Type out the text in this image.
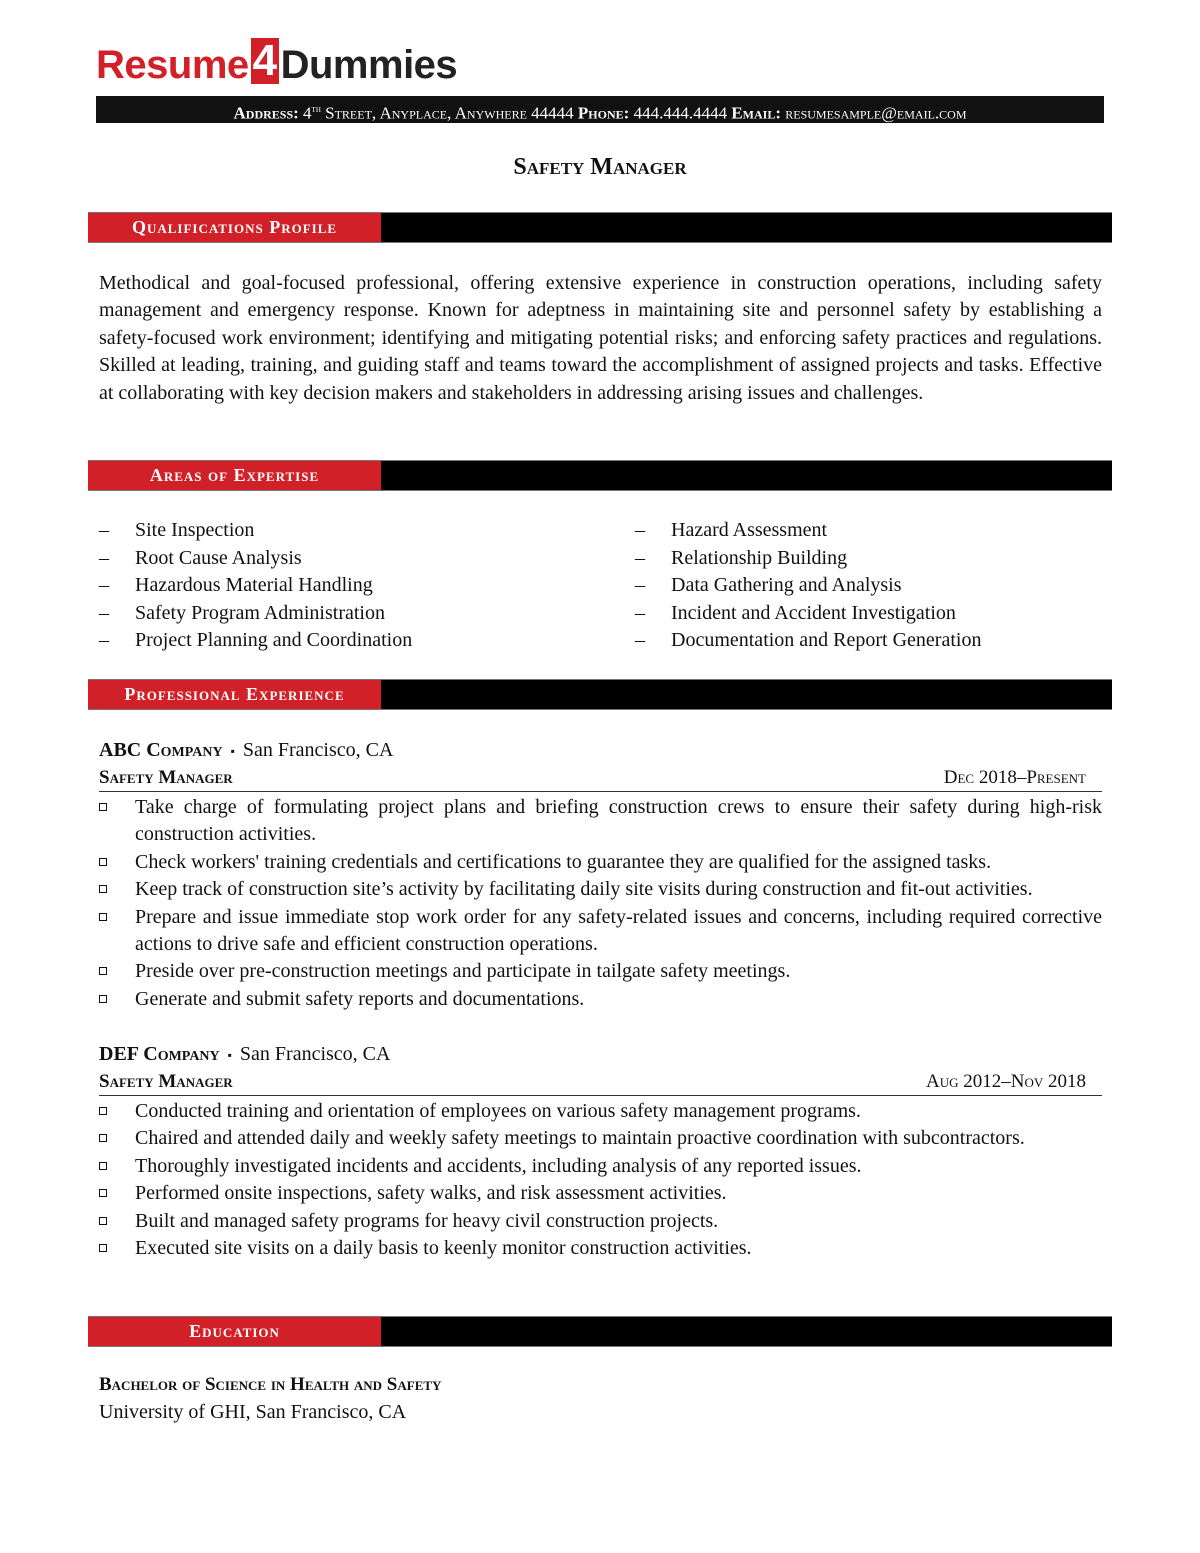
Resume 4 Dummies
Address: 4th Street, Anyplace, Anywhere 44444 Phone: 444.444.4444 Email: resumesample@email.com
Safety Manager
Qualifications Profile
Methodical and goal-focused professional, offering extensive experience in construction operations, including safety management and emergency response. Known for adeptness in maintaining site and personnel safety by establishing a safety-focused work environment; identifying and mitigating potential risks; and enforcing safety practices and regulations. Skilled at leading, training, and guiding staff and teams toward the accomplishment of assigned projects and tasks. Effective at collaborating with key decision makers and stakeholders in addressing arising issues and challenges.
Areas of Expertise
– Site Inspection
– Root Cause Analysis
– Hazardous Material Handling
– Safety Program Administration
– Project Planning and Coordination
– Hazard Assessment
– Relationship Building
– Data Gathering and Analysis
– Incident and Accident Investigation
– Documentation and Report Generation
Professional Experience
ABC Company ▪ San Francisco, CA
Safety Manager	Dec 2018–Present
Take charge of formulating project plans and briefing construction crews to ensure their safety during high-risk construction activities.
Check workers' training credentials and certifications to guarantee they are qualified for the assigned tasks.
Keep track of construction site’s activity by facilitating daily site visits during construction and fit-out activities.
Prepare and issue immediate stop work order for any safety-related issues and concerns, including required corrective actions to drive safe and efficient construction operations.
Preside over pre-construction meetings and participate in tailgate safety meetings.
Generate and submit safety reports and documentations.
DEF Company ▪ San Francisco, CA
Safety Manager	Aug 2012–Nov 2018
Conducted training and orientation of employees on various safety management programs.
Chaired and attended daily and weekly safety meetings to maintain proactive coordination with subcontractors.
Thoroughly investigated incidents and accidents, including analysis of any reported issues.
Performed onsite inspections, safety walks, and risk assessment activities.
Built and managed safety programs for heavy civil construction projects.
Executed site visits on a daily basis to keenly monitor construction activities.
Education
Bachelor of Science in Health and Safety
University of GHI, San Francisco, CA
